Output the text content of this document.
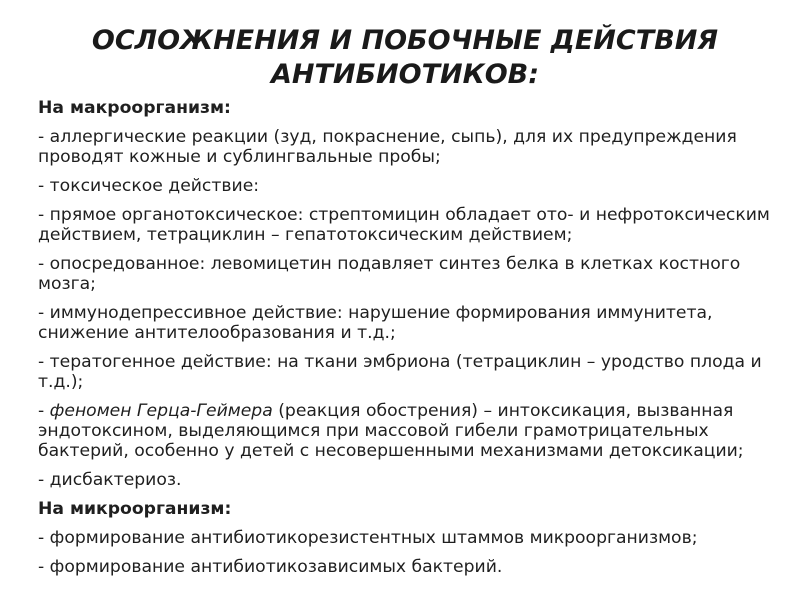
ОСЛОЖНЕНИЯ И ПОБОЧНЫЕ ДЕЙСТВИЯ
АНТИБИОТИКОВ:
На макроорганизм:
- аллергические реакции (зуд, покраснение, сыпь), для их предупреждения
проводят кожные и сублингвальные пробы;
- токсическое действие:
- прямое органотоксическое: стрептомицин обладает ото- и нефротоксическим
действием, тетрациклин – гепатотоксическим действием;
- опосредованное: левомицетин подавляет синтез белка в клетках костного
мозга;
- иммунодепрессивное действие: нарушение формирования иммунитета,
снижение антителообразования и т.д.;
- тератогенное действие: на ткани эмбриона (тетрациклин – уродство плода и
т.д.);
- феномен Герца-Геймера (реакция обострения) – интоксикация, вызванная
эндотоксином, выделяющимся при массовой гибели грамотрицательных
бактерий, особенно у детей с несовершенными механизмами детоксикации;
- дисбактериоз.
На микроорганизм:
- формирование антибиотикорезистентных штаммов микроорганизмов;
- формирование антибиотикозависимых бактерий.
